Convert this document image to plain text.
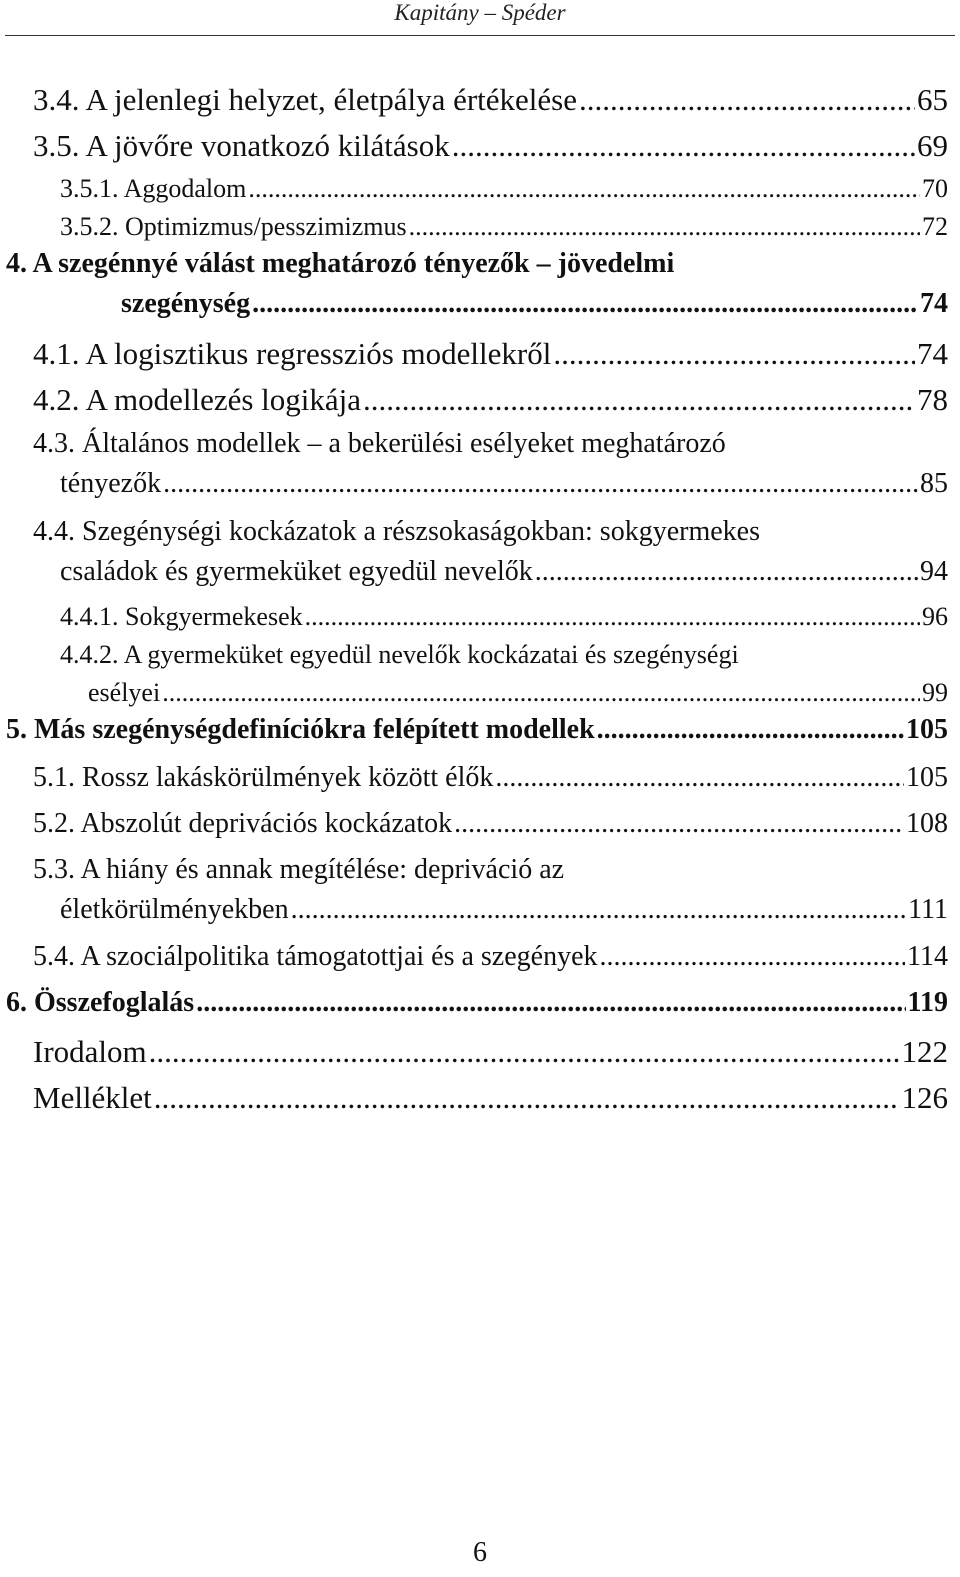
Kapitány – Spéder
3.4. A jelenlegi helyzet, életpálya értékelése .....	65
3.5. A jövőre vonatkozó kilátások .....	69
3.5.1. Aggodalom .....	70
3.5.2. Optimizmus/pesszimizmus .....	72
4. A szegénnyé válást meghatározó tényezők – jövedelmi
szegénység .....	74
4.1. A logisztikus regressziós modellekről .....	74
4.2. A modellezés logikája .....	78
4.3. Általános modellek – a bekerülési esélyeket meghatározó
tényezők .....	85
4.4. Szegénységi kockázatok a részsokaságokban: sokgyermekes
családok és gyermeküket egyedül nevelők .....	94
4.4.1. Sokgyermekesek .....	96
4.4.2. A gyermeküket egyedül nevelők kockázatai és szegénységi
esélyei .....	99
5. Más szegénységdefiníciókra felépített modellek .....	105
5.1. Rossz lakáskörülmények között élők .....	105
5.2. Abszolút deprivációs kockázatok .....	108
5.3. A hiány és annak megítélése: depriváció az
életkörülményekben .....	111
5.4. A szociálpolitika támogatottjai és a szegények .....	114
6. Összefoglalás .....	119
Irodalom .....	122
Melléklet .....	126
6
